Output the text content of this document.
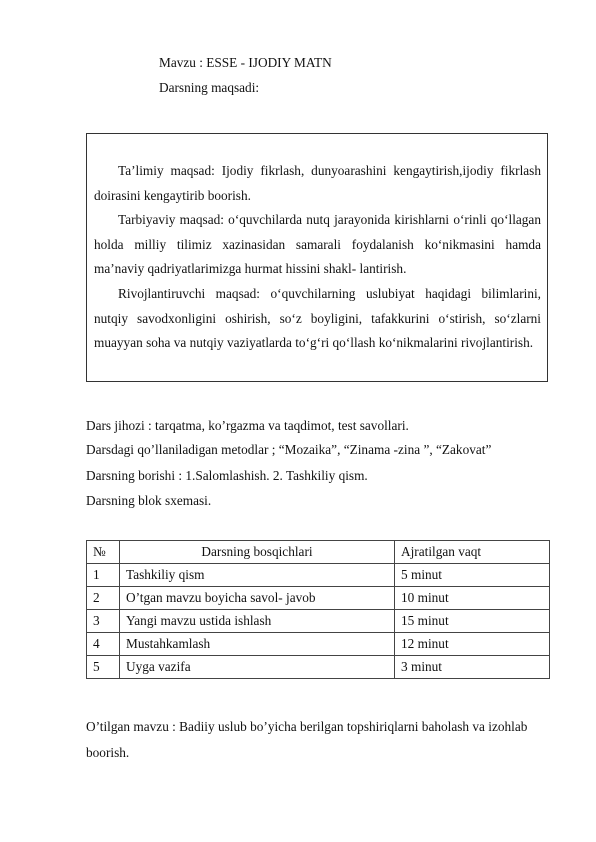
Mavzu : ESSE - IJODIY MATN
Darsning maqsadi:
Ta’limiy maqsad: Ijodiy fikrlash, dunyoarashini kengaytirish,ijodiy fikrlash doirasini kengaytirib boorish.
Tarbiyaviy maqsad: o‘quvchilarda nutq jarayonida kirishlarni o‘rinli qo‘llagan holda milliy tilimiz xazinasidan samarali foydalanish ko‘nikmasini hamda ma’naviy qadriyatlarimizga hurmat hissini shakl- lantirish.
Rivojlantiruvchi maqsad: o‘quvchilarning uslubiyat haqidagi bilimlarini, nutqiy savodxonligini oshirish, so‘z boyligini, tafakkurini o‘stirish, so‘zlarni muayyan soha va nutqiy vaziyatlarda to‘g‘ri qo‘llash ko‘nikmalarini rivojlantirish.
Dars jihozi : tarqatma, ko’rgazma va taqdimot, test savollari.
Darsdagi qo’llaniladigan metodlar ; “Mozaika”, “Zinama -zina ”, “Zakovat”
Darsning borishi : 1.Salomlashish. 2. Tashkiliy qism.
Darsning blok sxemasi.
№	Darsning bosqichlari	Ajratilgan vaqt
1	Tashkiliy qism	5 minut
2	O’tgan mavzu boyicha savol- javob	10 minut
3	Yangi mavzu ustida ishlash	15 minut
4	Mustahkamlash	12 minut
5	Uyga vazifa	3 minut
O’tilgan mavzu : Badiiy uslub bo’yicha berilgan topshiriqlarni baholash va izohlab boorish.
